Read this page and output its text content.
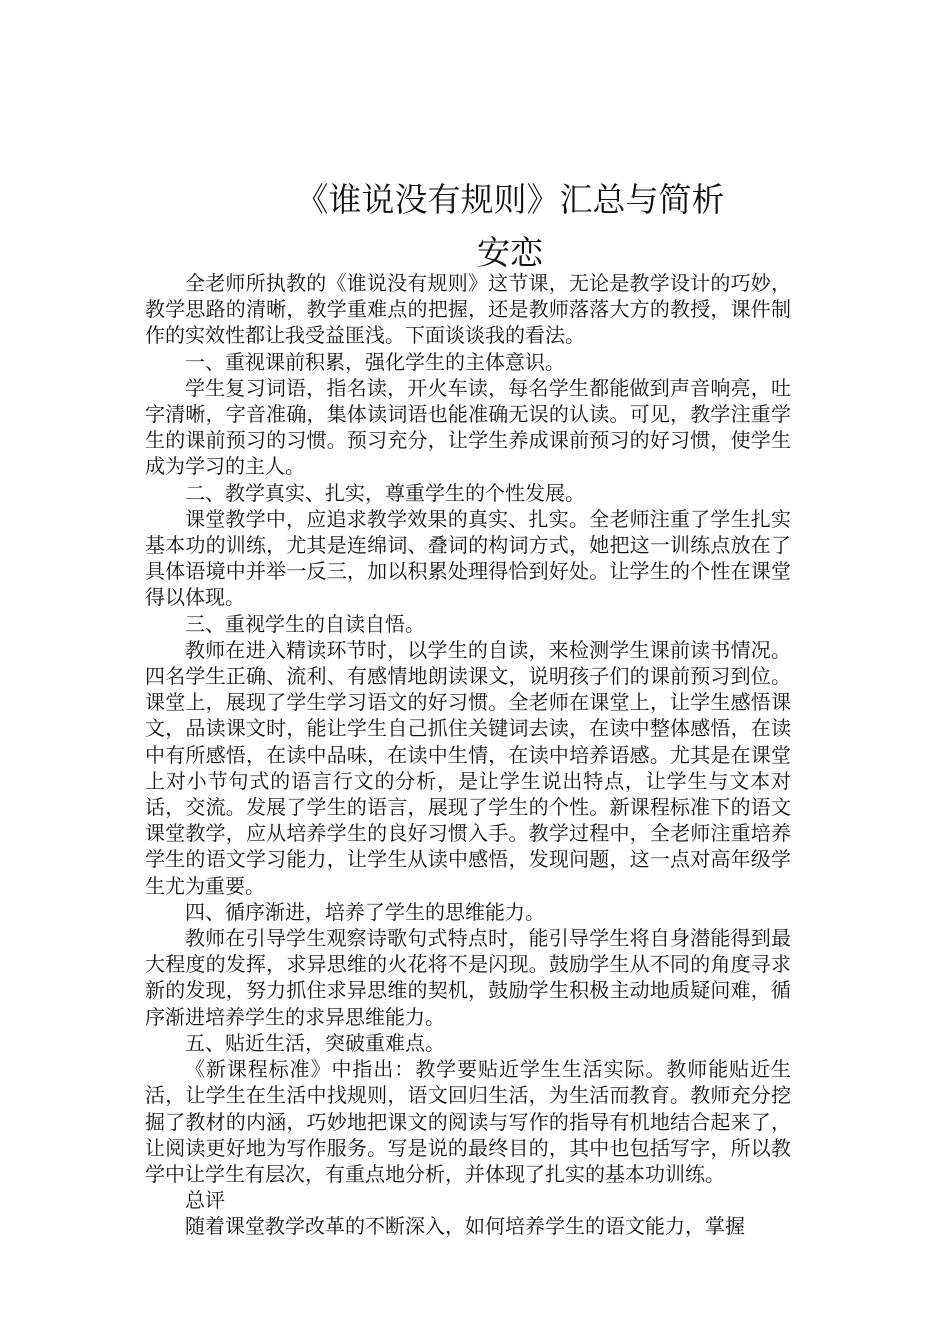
《谁说没有规则》汇总与简析
安恋

全老师所执教的《谁说没有规则》这节课，无论是教学设计的巧妙，教学思路的清晰，教学重难点的把握，还是教师落落大方的教授，课件制作的实效性都让我受益匪浅。下面谈谈我的看法。

一、重视课前积累，强化学生的主体意识。

学生复习词语，指名读，开火车读，每名学生都能做到声音响亮，吐字清晰，字音准确，集体读词语也能准确无误的认读。可见，教学注重学生的课前预习的习惯。预习充分，让学生养成课前预习的好习惯，使学生成为学习的主人。

二、教学真实、扎实，尊重学生的个性发展。

课堂教学中，应追求教学效果的真实、扎实。全老师注重了学生扎实基本功的训练，尤其是连绵词、叠词的构词方式，她把这一训练点放在了具体语境中并举一反三，加以积累处理得恰到好处。让学生的个性在课堂得以体现。

三、重视学生的自读自悟。

教师在进入精读环节时，以学生的自读，来检测学生课前读书情况。四名学生正确、流利、有感情地朗读课文，说明孩子们的课前预习到位。课堂上，展现了学生学习语文的好习惯。全老师在课堂上，让学生感悟课文，品读课文时，能让学生自己抓住关键词去读，在读中整体感悟，在读中有所感悟，在读中品味，在读中生情，在读中培养语感。尤其是在课堂上对小节句式的语言行文的分析，是让学生说出特点，让学生与文本对话，交流。发展了学生的语言，展现了学生的个性。新课程标准下的语文课堂教学，应从培养学生的良好习惯入手。教学过程中，全老师注重培养学生的语文学习能力，让学生从读中感悟，发现问题，这一点对高年级学生尤为重要。

四、循序渐进，培养了学生的思维能力。

教师在引导学生观察诗歌句式特点时，能引导学生将自身潜能得到最大程度的发挥，求异思维的火花将不是闪现。鼓励学生从不同的角度寻求新的发现，努力抓住求异思维的契机，鼓励学生积极主动地质疑问难，循序渐进培养学生的求异思维能力。

五、贴近生活，突破重难点。

《新课程标准》中指出：教学要贴近学生生活实际。教师能贴近生活，让学生在生活中找规则，语文回归生活，为生活而教育。教师充分挖掘了教材的内涵，巧妙地把课文的阅读与写作的指导有机地结合起来了，让阅读更好地为写作服务。写是说的最终目的，其中也包括写字，所以教学中让学生有层次，有重点地分析，并体现了扎实的基本功训练。

总评

随着课堂教学改革的不断深入，如何培养学生的语文能力，掌握
